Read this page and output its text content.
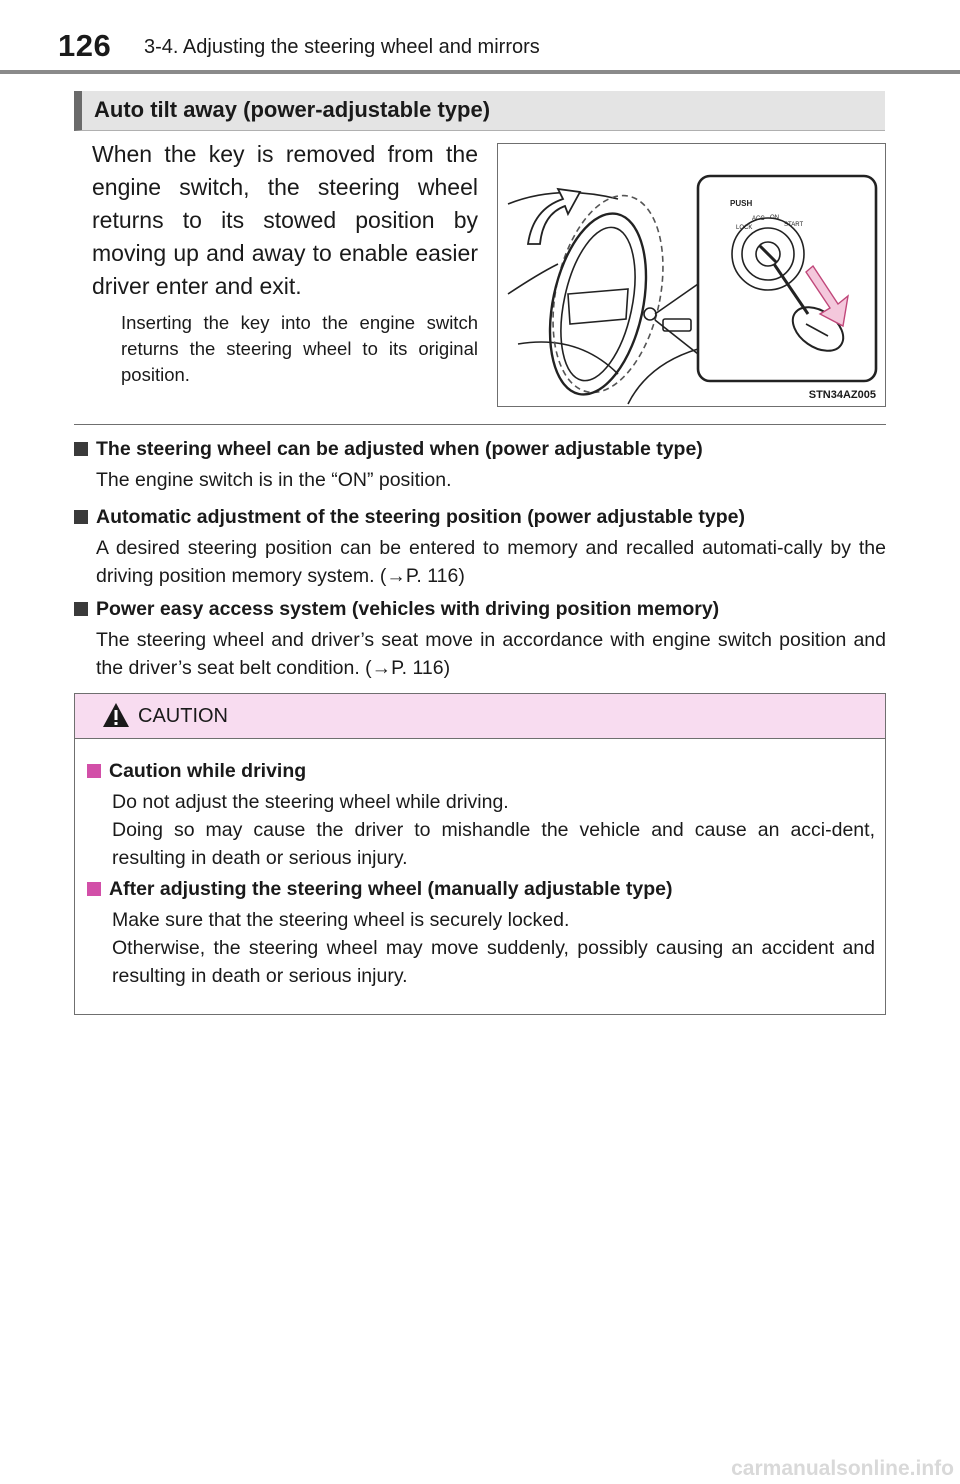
126 3-4. Adjusting the steering wheel and mirrors
Auto tilt away (power-adjustable type)
When the key is removed from the engine switch, the steering wheel returns to its stowed position by moving up and away to enable easier driver enter and exit.
Inserting the key into the engine switch returns the steering wheel to its original position.
PUSH
LOCK
ACC ON
START
STN34AZ005
The steering wheel can be adjusted when (power adjustable type)
The engine switch is in the “ON” position.
Automatic adjustment of the steering position (power adjustable type)
A desired steering position can be entered to memory and recalled automati-cally by the driving position memory system. (→P. 116)
Power easy access system (vehicles with driving position memory)
The steering wheel and driver’s seat move in accordance with engine switch position and the driver’s seat belt condition. (→P. 116)
CAUTION
Caution while driving
Do not adjust the steering wheel while driving.
Doing so may cause the driver to mishandle the vehicle and cause an acci-dent, resulting in death or serious injury.
After adjusting the steering wheel (manually adjustable type)
Make sure that the steering wheel is securely locked.
Otherwise, the steering wheel may move suddenly, possibly causing an accident and resulting in death or serious injury.
carmanualsonline.info
